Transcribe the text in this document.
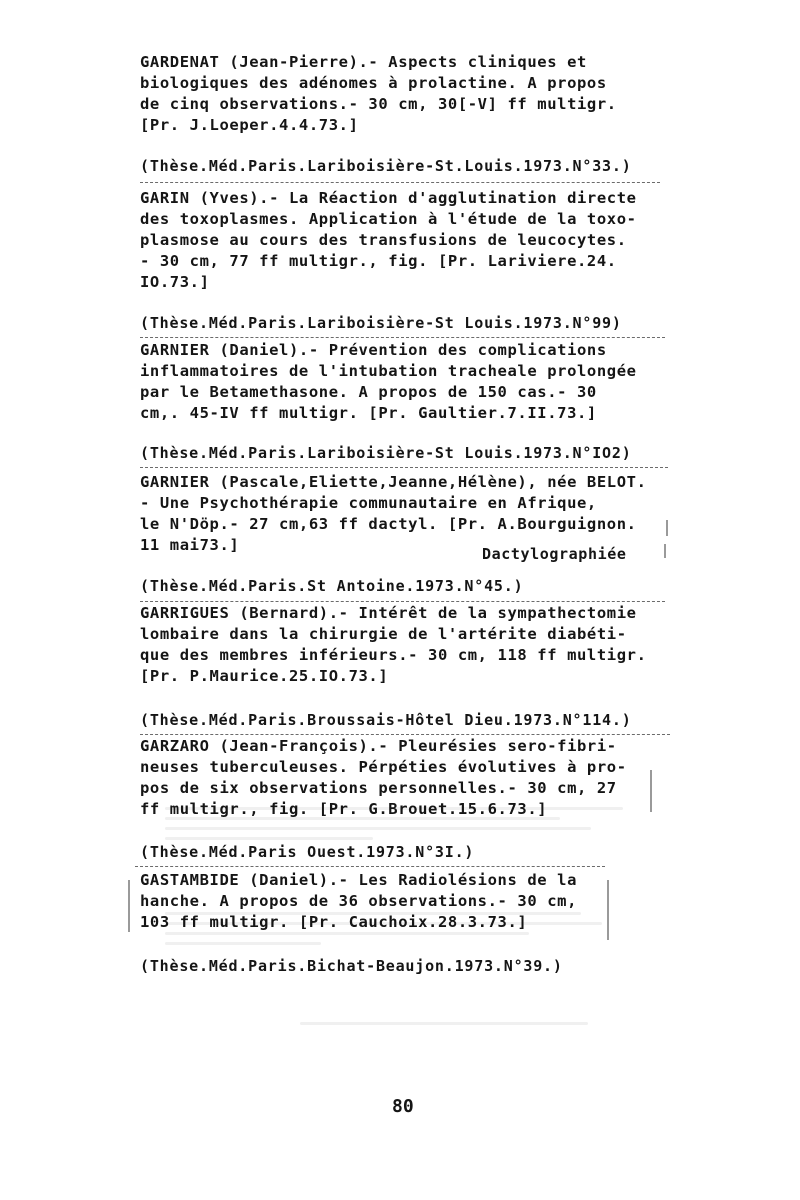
GARDENAT (Jean-Pierre).- Aspects cliniques et
biologiques des adénomes à prolactine. A propos
de cinq observations.- 30 cm, 30[-V] ff multigr.
[Pr. J.Loeper.4.4.73.]
(Thèse.Méd.Paris.Lariboisière-St.Louis.1973.N°33.)
GARIN (Yves).- La Réaction d'agglutination directe
des toxoplasmes. Application à l'étude de la toxo-
plasmose au cours des transfusions de leucocytes.
- 30 cm, 77 ff multigr., fig. [Pr. Lariviere.24.
IO.73.]
(Thèse.Méd.Paris.Lariboisière-St Louis.1973.N°99)
GARNIER (Daniel).- Prévention des complications
inflammatoires de l'intubation tracheale prolongée
par le Betamethasone. A propos de 150 cas.- 30
cm,. 45-IV ff multigr. [Pr. Gaultier.7.II.73.]
(Thèse.Méd.Paris.Lariboisière-St Louis.1973.N°IO2)
GARNIER (Pascale,Eliette,Jeanne,Hélène), née BELOT.
- Une Psychothérapie communautaire en Afrique,
le N'Döp.- 27 cm,63 ff dactyl. [Pr. A.Bourguignon.
11 mai73.]	Dactylographiée
(Thèse.Méd.Paris.St Antoine.1973.N°45.)
GARRIGUES (Bernard).- Intérêt de la sympathectomie
lombaire dans la chirurgie de l'artérite diabéti-
que des membres inférieurs.- 30 cm, 118 ff multigr.
[Pr. P.Maurice.25.IO.73.]
(Thèse.Méd.Paris.Broussais-Hôtel Dieu.1973.N°114.)
GARZARO (Jean-François).- Pleurésies sero-fibri-
neuses tuberculeuses. Pérpéties évolutives à pro-
pos de six observations personnelles.- 30 cm, 27
ff multigr., fig. [Pr. G.Brouet.15.6.73.]
(Thèse.Méd.Paris Ouest.1973.N°3I.)
GASTAMBIDE (Daniel).- Les Radiolésions de la
hanche. A propos de 36 observations.- 30 cm,
103 ff multigr. [Pr. Cauchoix.28.3.73.]
(Thèse.Méd.Paris.Bichat-Beaujon.1973.N°39.)
80
